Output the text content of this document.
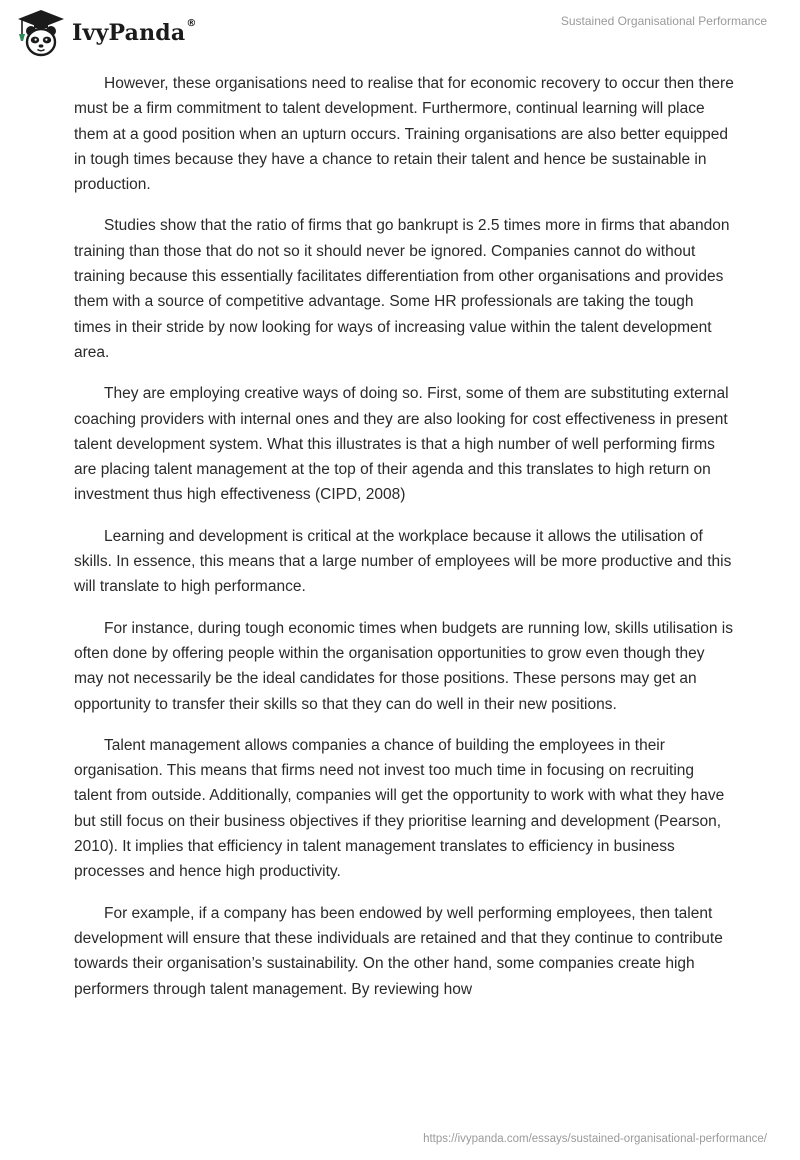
IvyPanda ®	Sustained Organisational Performance

However, these organisations need to realise that for economic recovery to occur then there must be a firm commitment to talent development. Furthermore, continual learning will place them at a good position when an upturn occurs. Training organisations are also better equipped in tough times because they have a chance to retain their talent and hence be sustainable in production.

Studies show that the ratio of firms that go bankrupt is 2.5 times more in firms that abandon training than those that do not so it should never be ignored. Companies cannot do without training because this essentially facilitates differentiation from other organisations and provides them with a source of competitive advantage. Some HR professionals are taking the tough times in their stride by now looking for ways of increasing value within the talent development area.

They are employing creative ways of doing so. First, some of them are substituting external coaching providers with internal ones and they are also looking for cost effectiveness in present talent development system. What this illustrates is that a high number of well performing firms are placing talent management at the top of their agenda and this translates to high return on investment thus high effectiveness (CIPD, 2008)

Learning and development is critical at the workplace because it allows the utilisation of skills. In essence, this means that a large number of employees will be more productive and this will translate to high performance.

For instance, during tough economic times when budgets are running low, skills utilisation is often done by offering people within the organisation opportunities to grow even though they may not necessarily be the ideal candidates for those positions. These persons may get an opportunity to transfer their skills so that they can do well in their new positions.

Talent management allows companies a chance of building the employees in their organisation. This means that firms need not invest too much time in focusing on recruiting talent from outside. Additionally, companies will get the opportunity to work with what they have but still focus on their business objectives if they prioritise learning and development (Pearson, 2010). It implies that efficiency in talent management translates to efficiency in business processes and hence high productivity.

For example, if a company has been endowed by well performing employees, then talent development will ensure that these individuals are retained and that they continue to contribute towards their organisation’s sustainability. On the other hand, some companies create high performers through talent management. By reviewing how

https://ivypanda.com/essays/sustained-organisational-performance/
